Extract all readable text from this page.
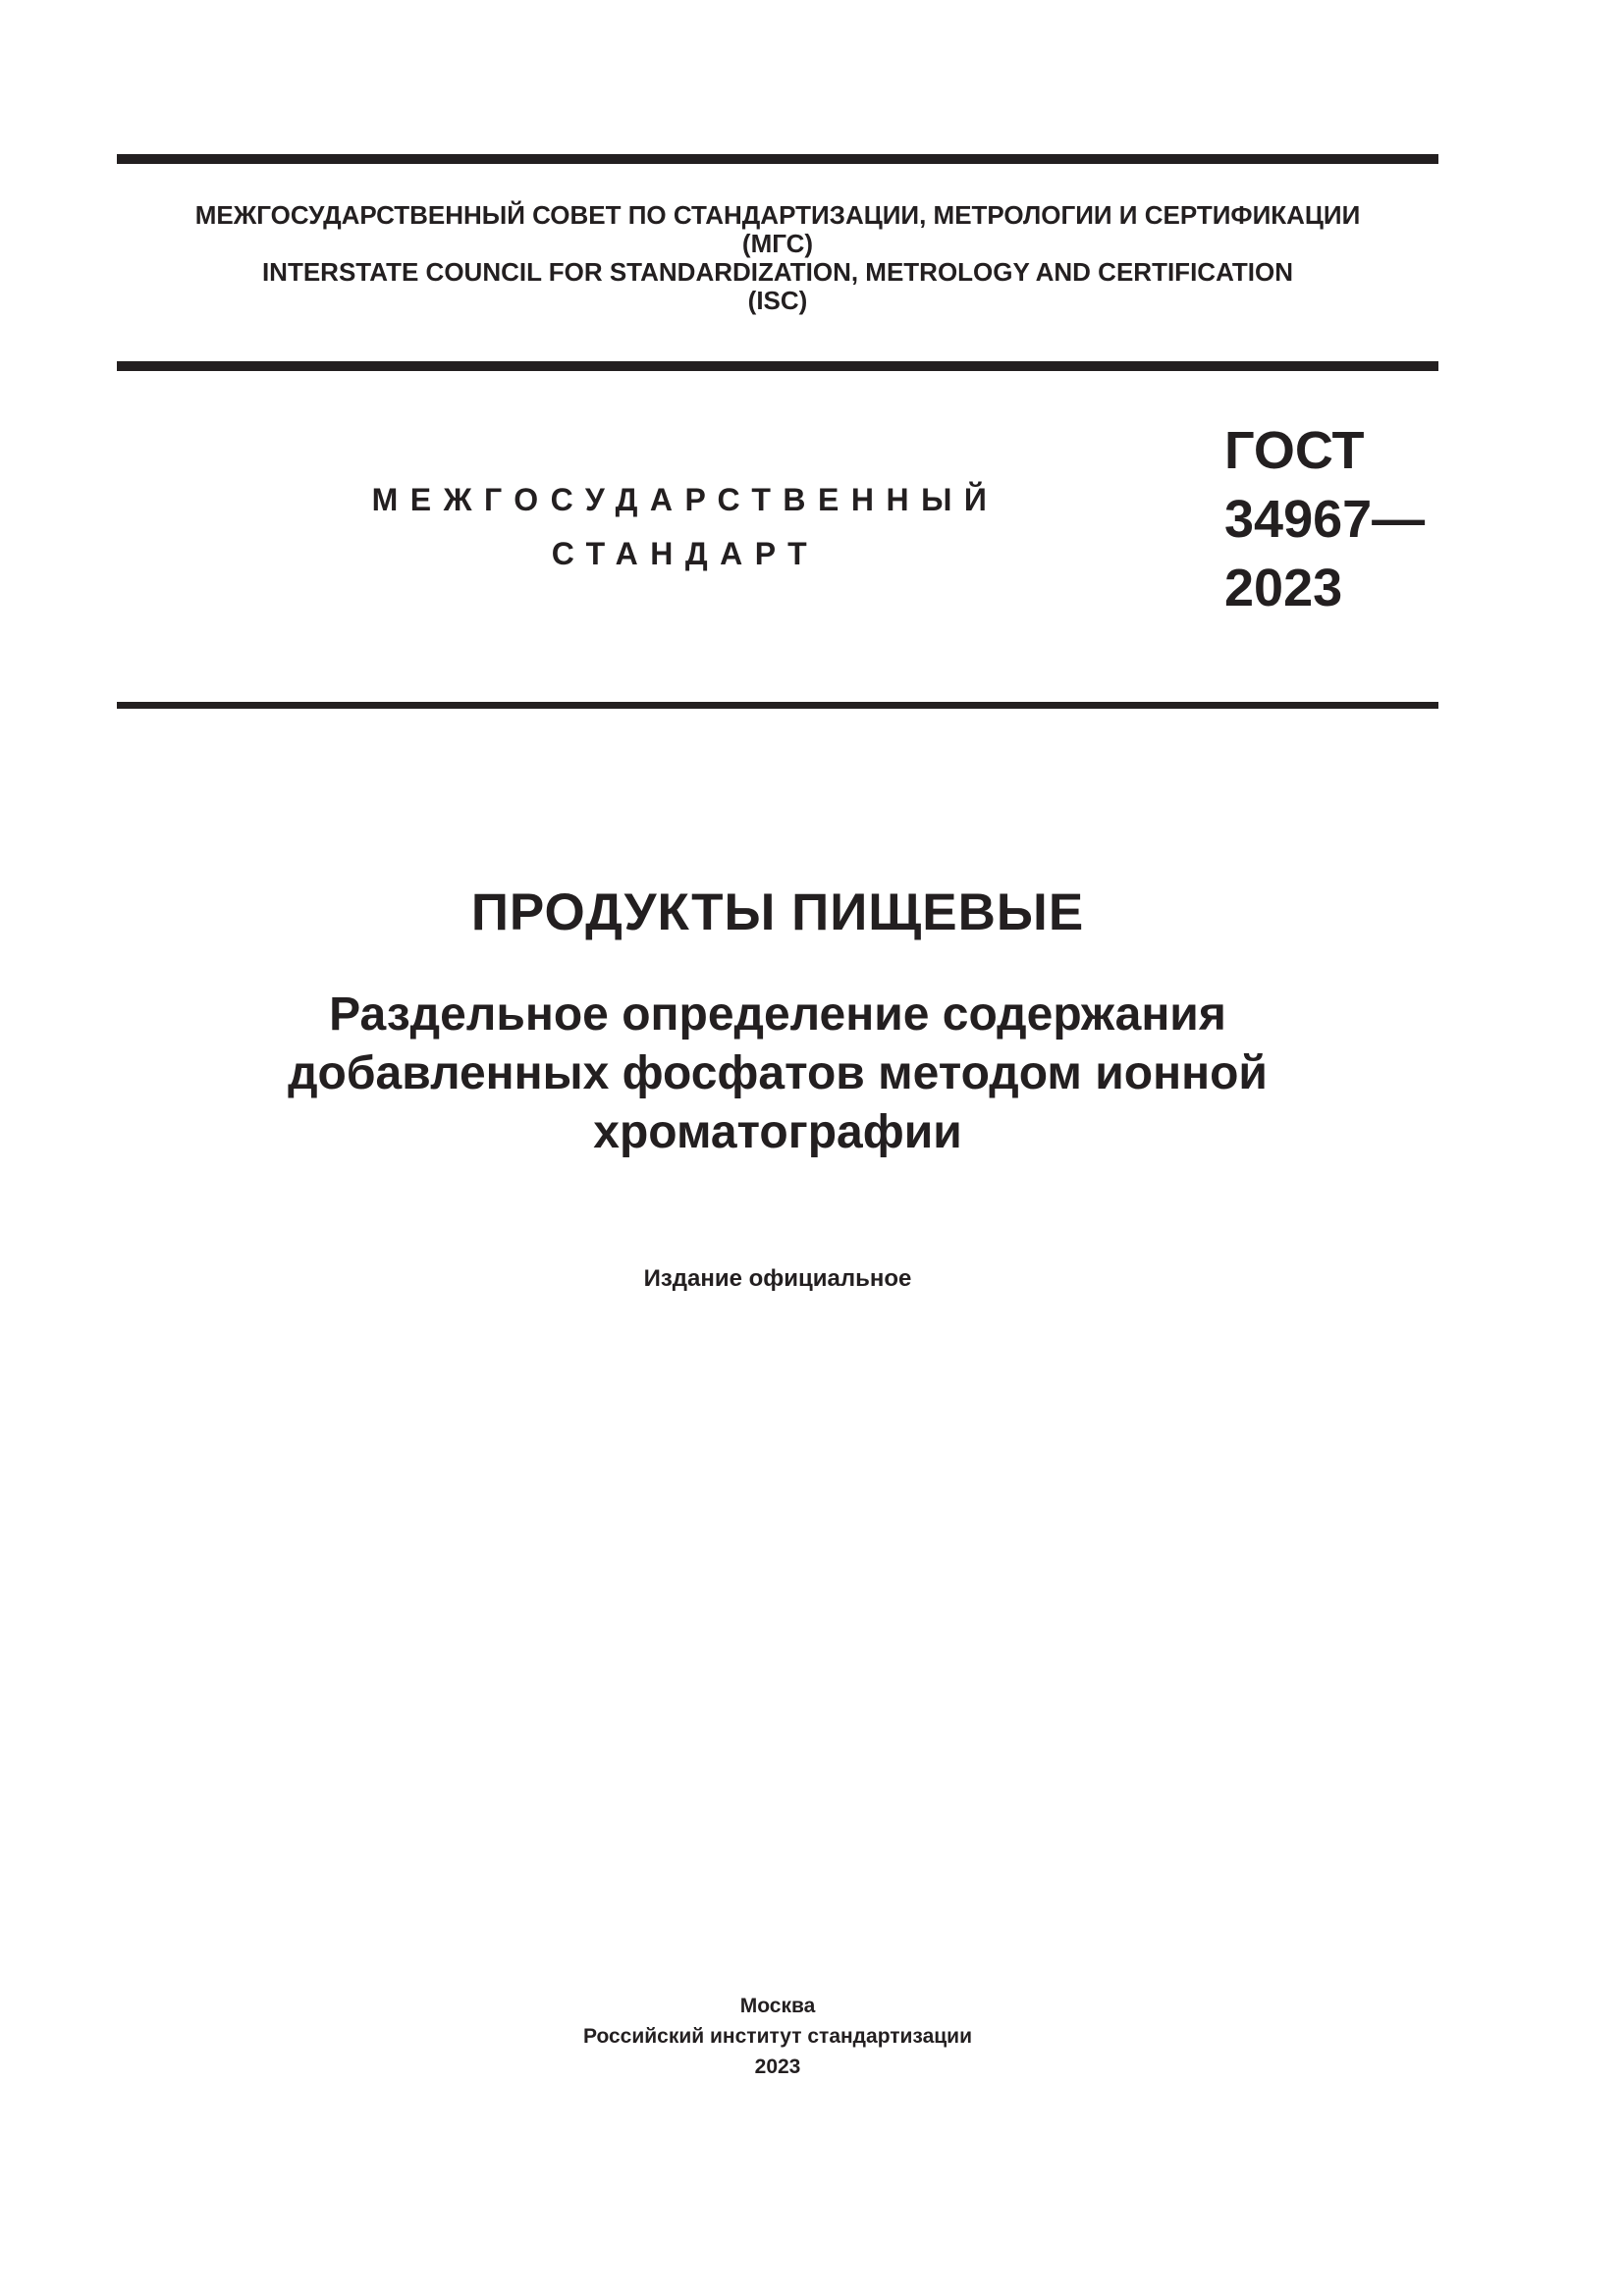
МЕЖГОСУДАРСТВЕННЫЙ СОВЕТ ПО СТАНДАРТИЗАЦИИ, МЕТРОЛОГИИ И СЕРТИФИКАЦИИ
(МГС)
INTERSTATE COUNCIL FOR STANDARDIZATION, METROLOGY AND CERTIFICATION
(ISC)
МЕЖГОСУДАРСТВЕННЫЙ
СТАНДАРТ
ГОСТ
34967—
2023
ПРОДУКТЫ ПИЩЕВЫЕ
Раздельное определение содержания
добавленных фосфатов методом ионной
хроматографии
Издание официальное
Москва
Российский институт стандартизации
2023
